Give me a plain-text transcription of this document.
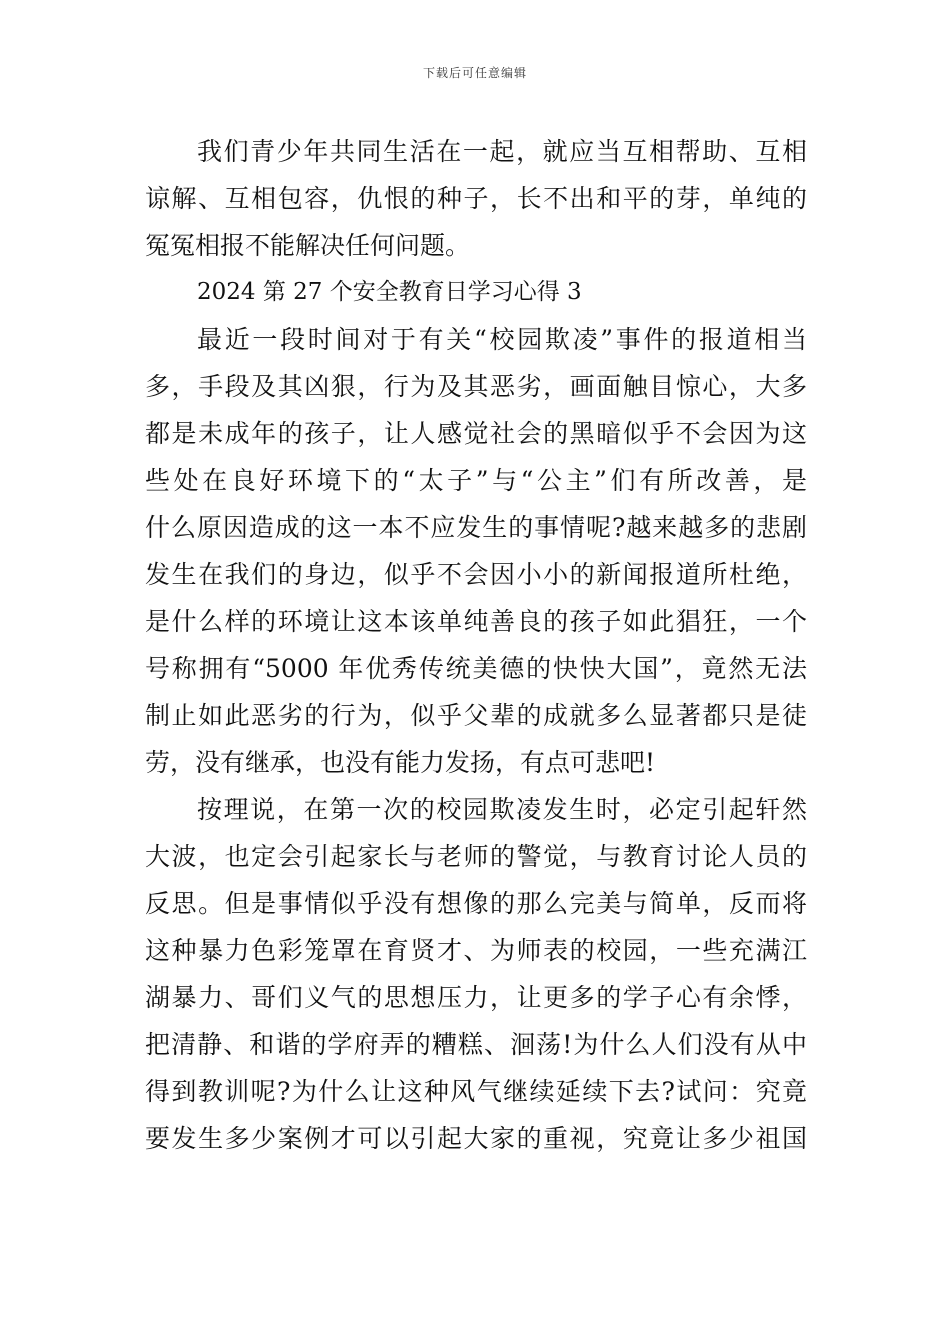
下载后可任意编辑
我们青少年共同生活在一起，就应当互相帮助、互相
谅解、互相包容，仇恨的种子，长不出和平的芽，单纯的
冤冤相报不能解决任何问题。
2024 第 27 个安全教育日学习心得 3
最近一段时间对于有关“校园欺凌”事件的报道相当
多，手段及其凶狠，行为及其恶劣，画面触目惊心，大多
都是未成年的孩子，让人感觉社会的黑暗似乎不会因为这
些处在良好环境下的“太子”与“公主”们有所改善，是
什么原因造成的这一本不应发生的事情呢?越来越多的悲剧
发生在我们的身边，似乎不会因小小的新闻报道所杜绝，
是什么样的环境让这本该单纯善良的孩子如此猖狂，一个
号称拥有“5000 年优秀传统美德的快快大国”，竟然无法
制止如此恶劣的行为，似乎父辈的成就多么显著都只是徒
劳，没有继承，也没有能力发扬，有点可悲吧!
按理说，在第一次的校园欺凌发生时，必定引起轩然
大波，也定会引起家长与老师的警觉，与教育讨论人员的
反思。但是事情似乎没有想像的那么完美与简单，反而将
这种暴力色彩笼罩在育贤才、为师表的校园，一些充满江
湖暴力、哥们义气的思想压力，让更多的学子心有余悸，
把清静、和谐的学府弄的糟糕、洄荡!为什么人们没有从中
得到教训呢?为什么让这种风气继续延续下去?试问：究竟
要发生多少案例才可以引起大家的重视，究竟让多少祖国
